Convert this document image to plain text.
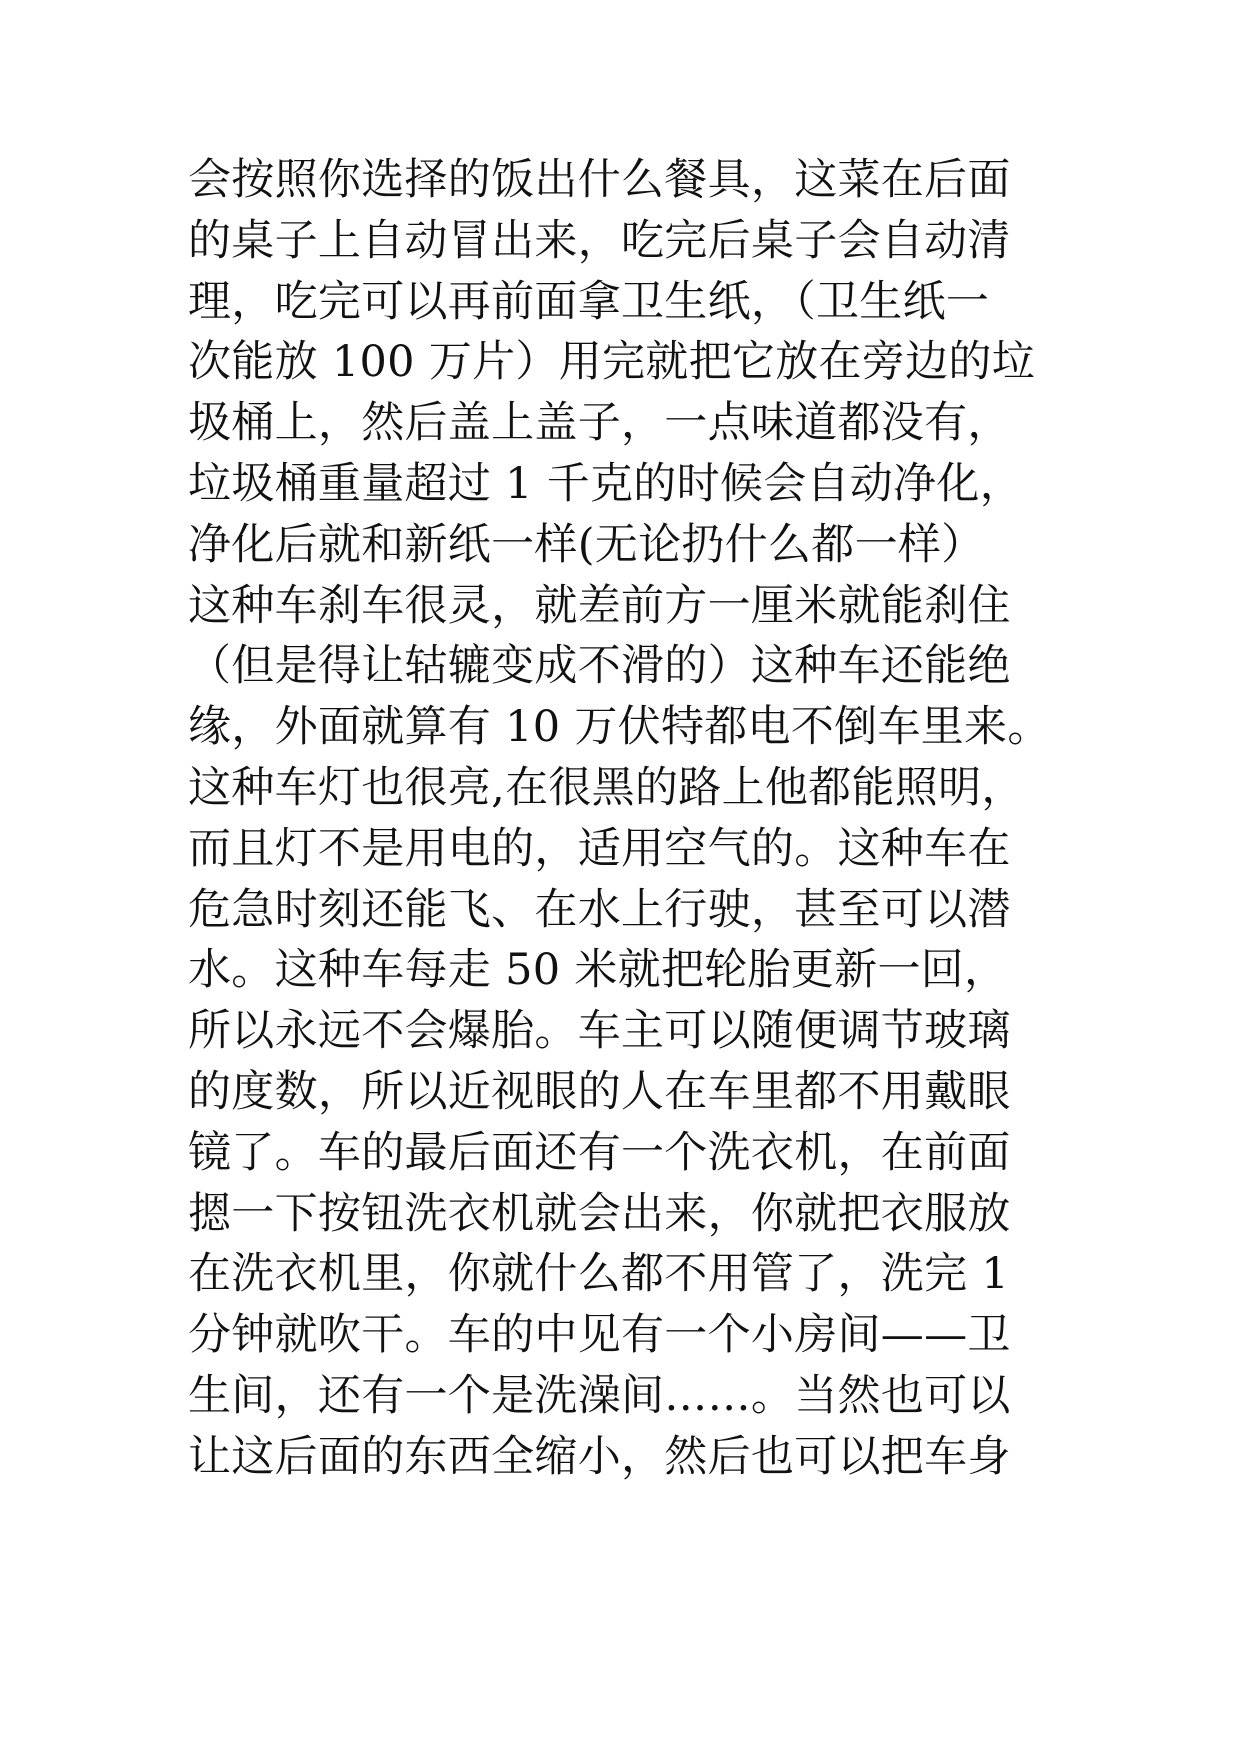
会按照你选择的饭出什么餐具，这菜在后面
的桌子上自动冒出来，吃完后桌子会自动清
理，吃完可以再前面拿卫生纸，（卫生纸一
次能放 100 万片）用完就把它放在旁边的垃
圾桶上，然后盖上盖子，一点味道都没有，
垃圾桶重量超过 1 千克的时候会自动净化，
净化后就和新纸一样(无论扔什么都一样）
这种车刹车很灵，就差前方一厘米就能刹住
（但是得让轱辘变成不滑的）这种车还能绝
缘，外面就算有 10 万伏特都电不倒车里来。
这种车灯也很亮,在很黑的路上他都能照明，
而且灯不是用电的，适用空气的。这种车在
危急时刻还能飞、在水上行驶，甚至可以潜
水。这种车每走 50 米就把轮胎更新一回，
所以永远不会爆胎。车主可以随便调节玻璃
的度数，所以近视眼的人在车里都不用戴眼
镜了。车的最后面还有一个洗衣机，在前面
摁一下按钮洗衣机就会出来，你就把衣服放
在洗衣机里，你就什么都不用管了，洗完 1
分钟就吹干。车的中见有一个小房间——卫
生间，还有一个是洗澡间……。当然也可以
让这后面的东西全缩小，然后也可以把车身
